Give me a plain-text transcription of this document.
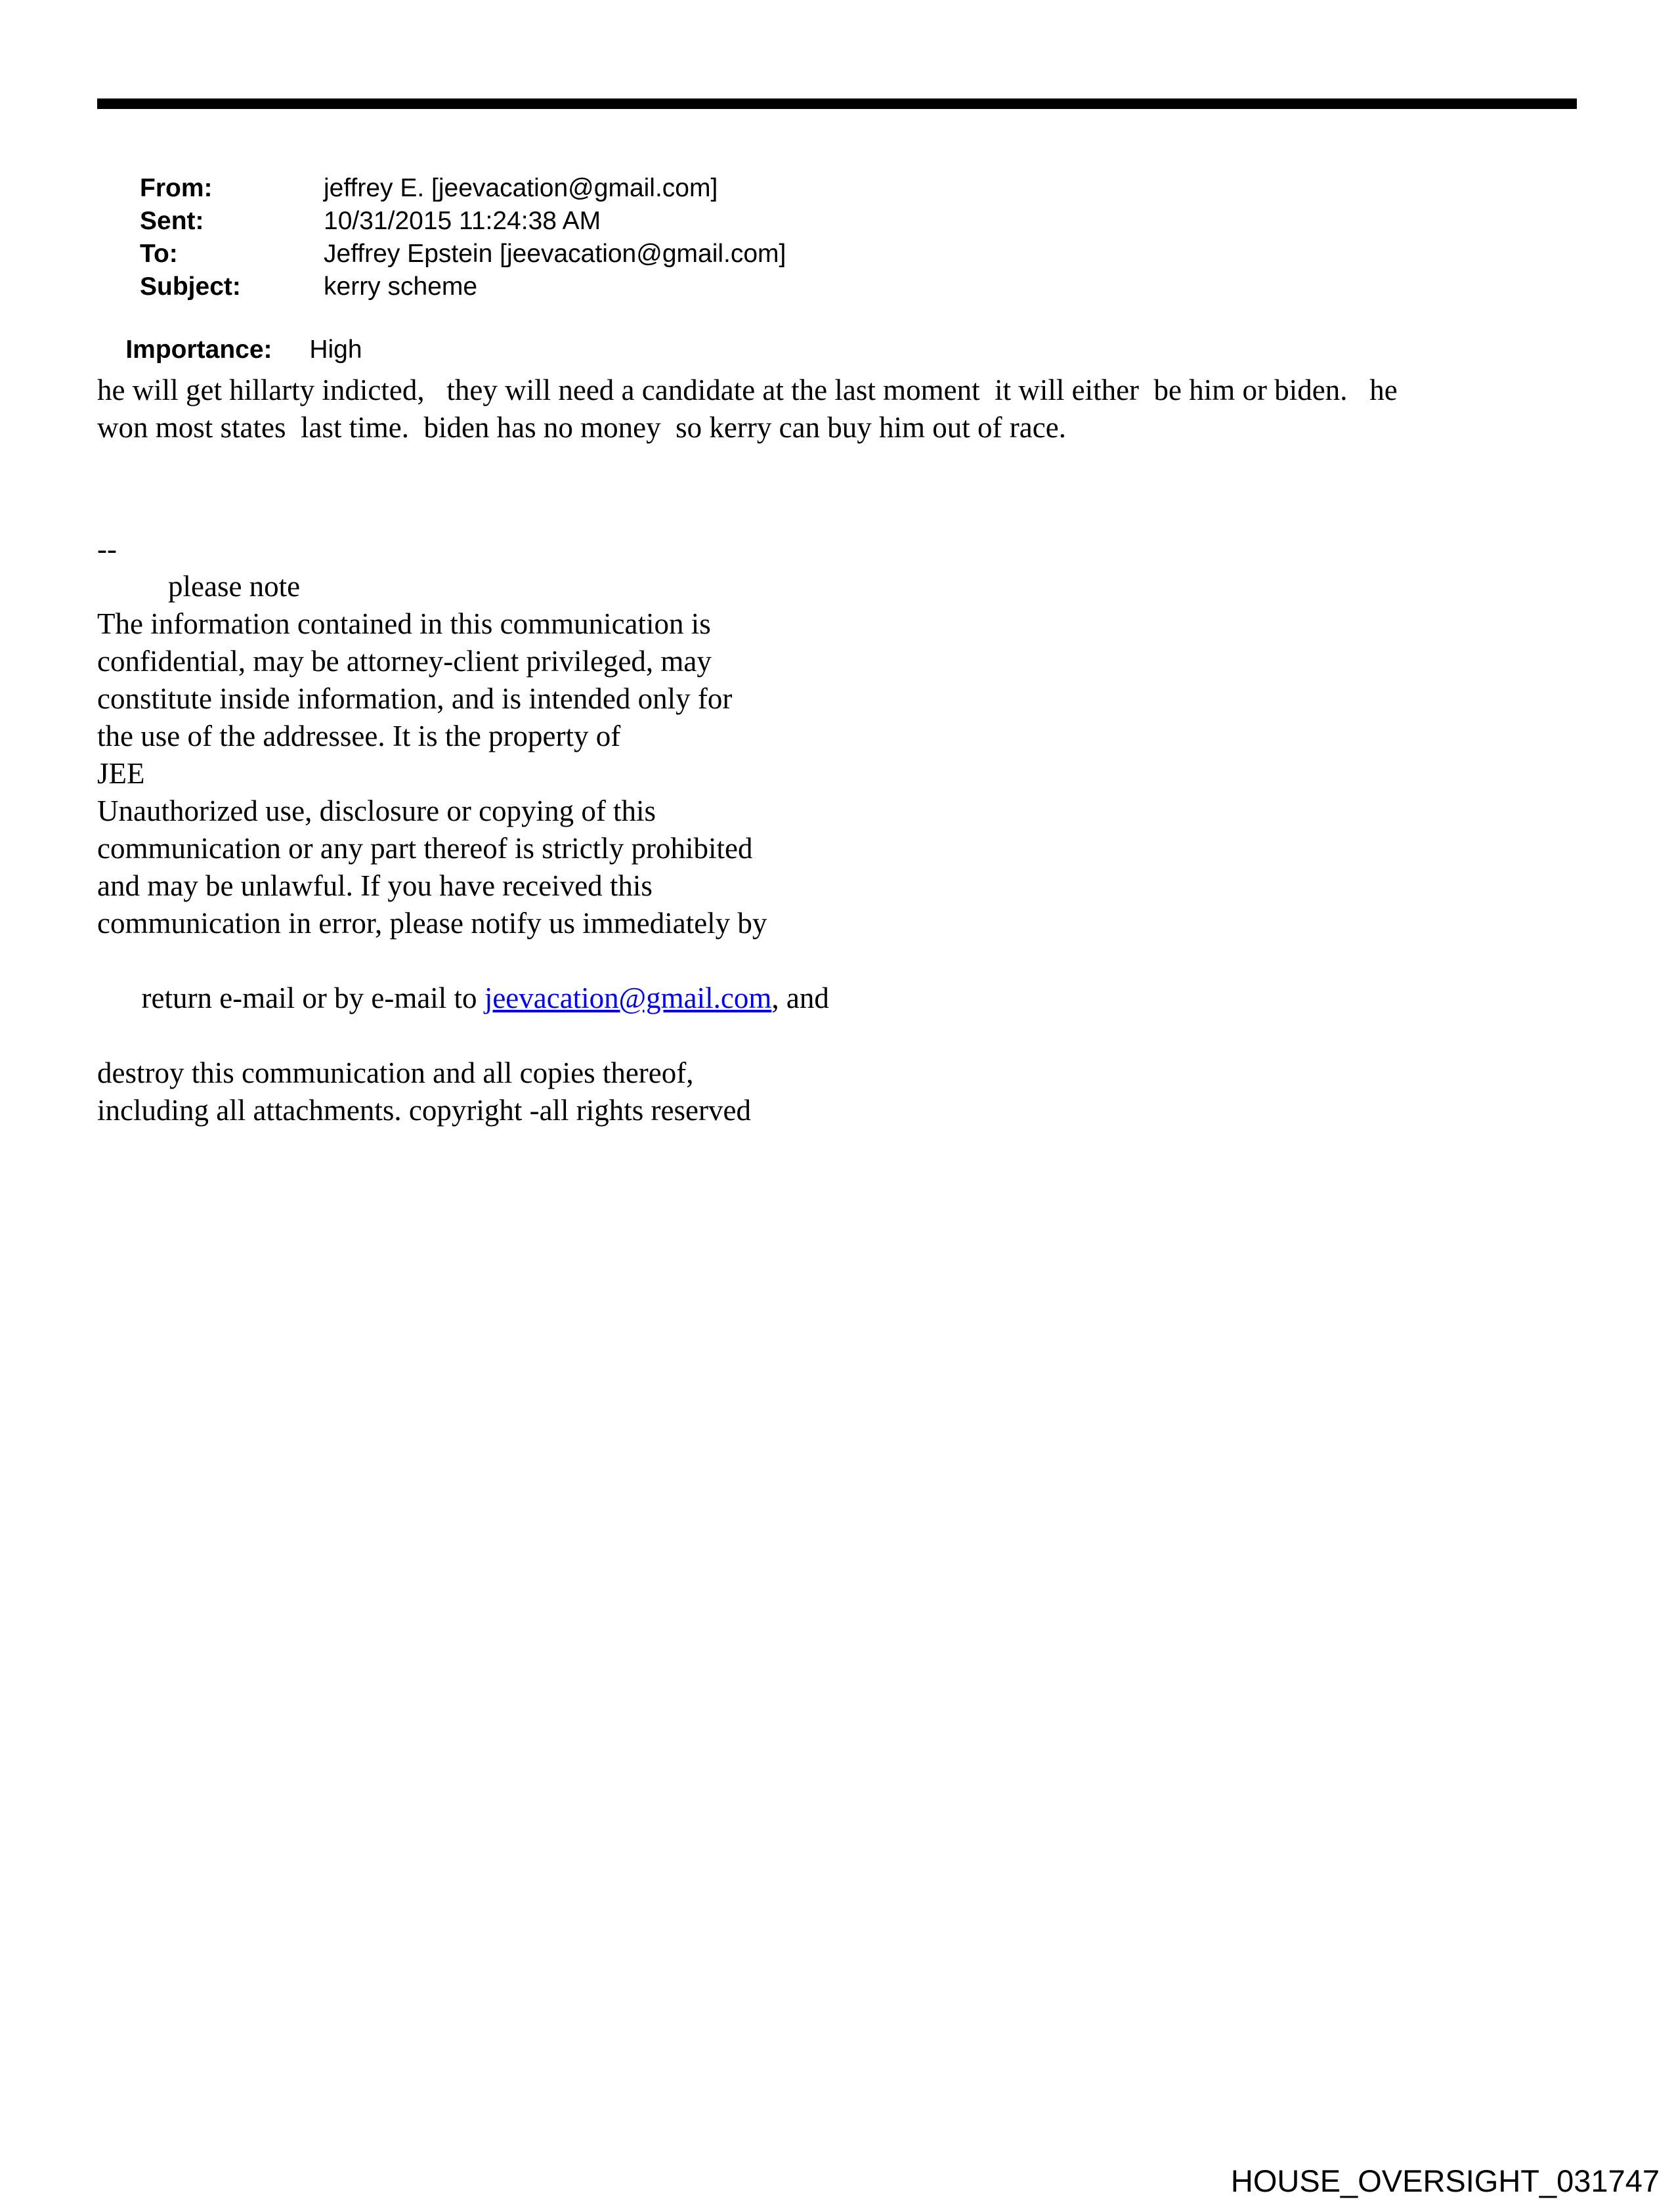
From:	jeffrey E. [jeevacation@gmail.com]

Sent:	10/31/2015 11:24:38 AM

To:	Jeffrey Epstein [jeevacation@gmail.com]

Subject:	kerry scheme

Importance: High

he will get hillarty indicted,   they will need a candidate at the last moment  it will either  be him or biden.   he
won most states  last time.  biden has no money  so kerry can buy him out of race.
--
please note
The information contained in this communication is
confidential, may be attorney-client privileged, may
constitute inside information, and is intended only for
the use of the addressee. It is the property of
JEE
Unauthorized use, disclosure or copying of this
communication or any part thereof is strictly prohibited
and may be unlawful. If you have received this
communication in error, please notify us immediately by

return e-mail or by e-mail to jeevacation@gmail.com, and

destroy this communication and all copies thereof,
including all attachments. copyright -all rights reserved
HOUSE_OVERSIGHT_031747
